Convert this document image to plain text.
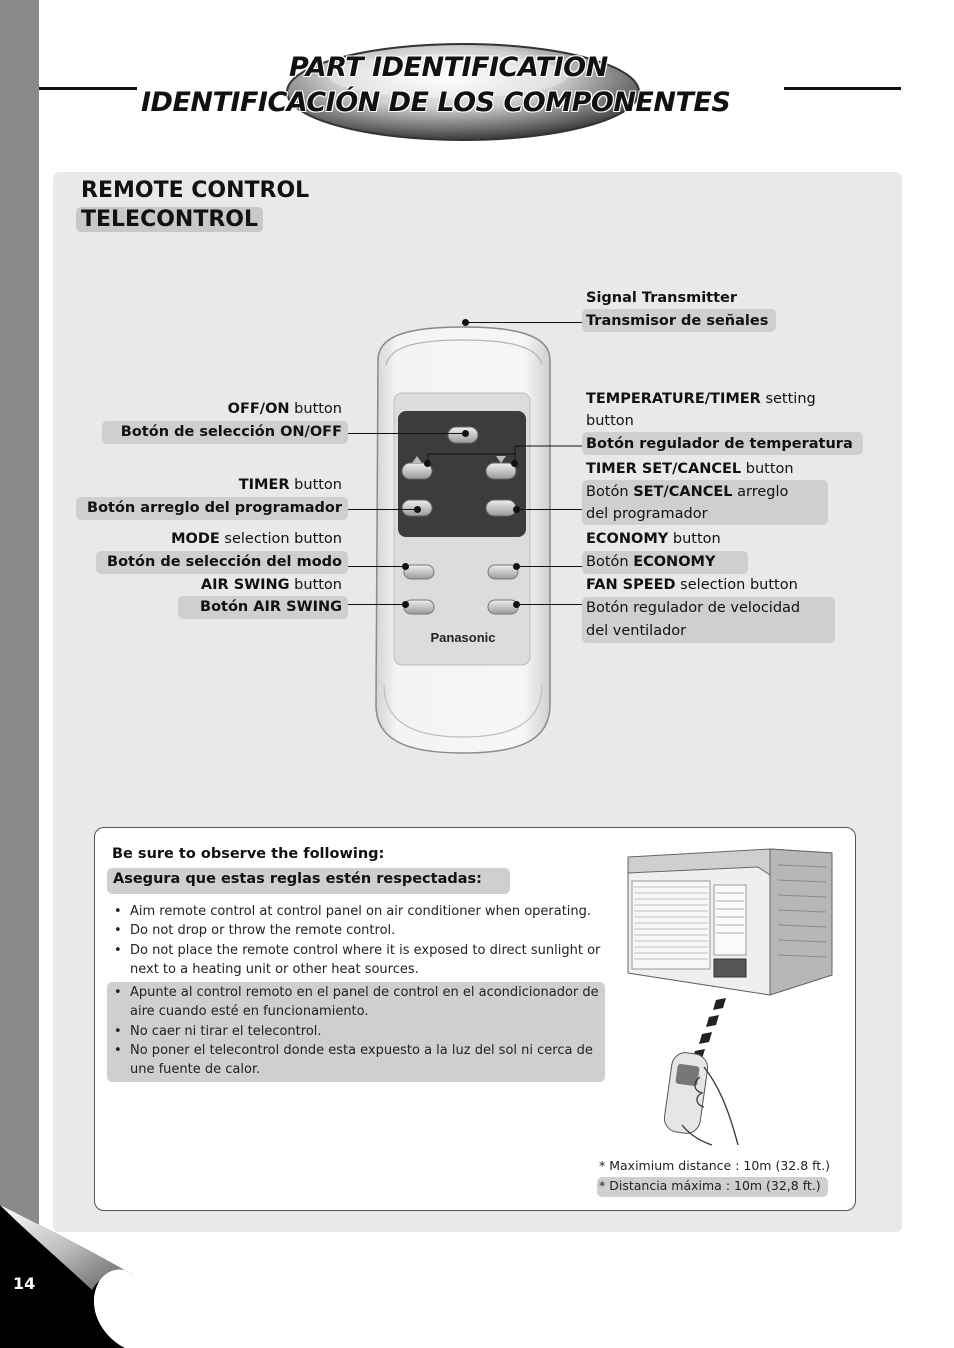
14
PART IDENTIFICATION
IDENTIFICACIÓN DE LOS COMPONENTES
REMOTE CONTROL
TELECONTROL
Panasonic
Signal Transmitter
Transmisor de señales
TEMPERATURE/TIMER setting
button
Botón regulador de temperatura
TIMER SET/CANCEL button
Botón SET/CANCEL arreglo
del programador
ECONOMY button
Botón ECONOMY
FAN SPEED selection button
Botón regulador de velocidad
del ventilador
OFF/ON button
Botón de selección ON/OFF
TIMER button
Botón arreglo del programador
MODE selection button
Botón de selección del modo
AIR SWING button
Botón AIR SWING
Be sure to observe the following:
Asegura que estas reglas estén respectadas:
• Aim remote control at control panel on air conditioner when operating.
• Do not drop or throw the remote control.
• Do not place the remote control where it is exposed to direct sunlight or next to a heating unit or other heat sources.
• Apunte al control remoto en el panel de control en el acondicionador de aire cuando esté en funcionamiento.
• No caer ni tirar el telecontrol.
• No poner el telecontrol donde esta expuesto a la luz del sol ni cerca de une fuente de calor.
* Maximium distance : 10m (32.8 ft.)
* Distancia máxima : 10m (32,8 ft.)
